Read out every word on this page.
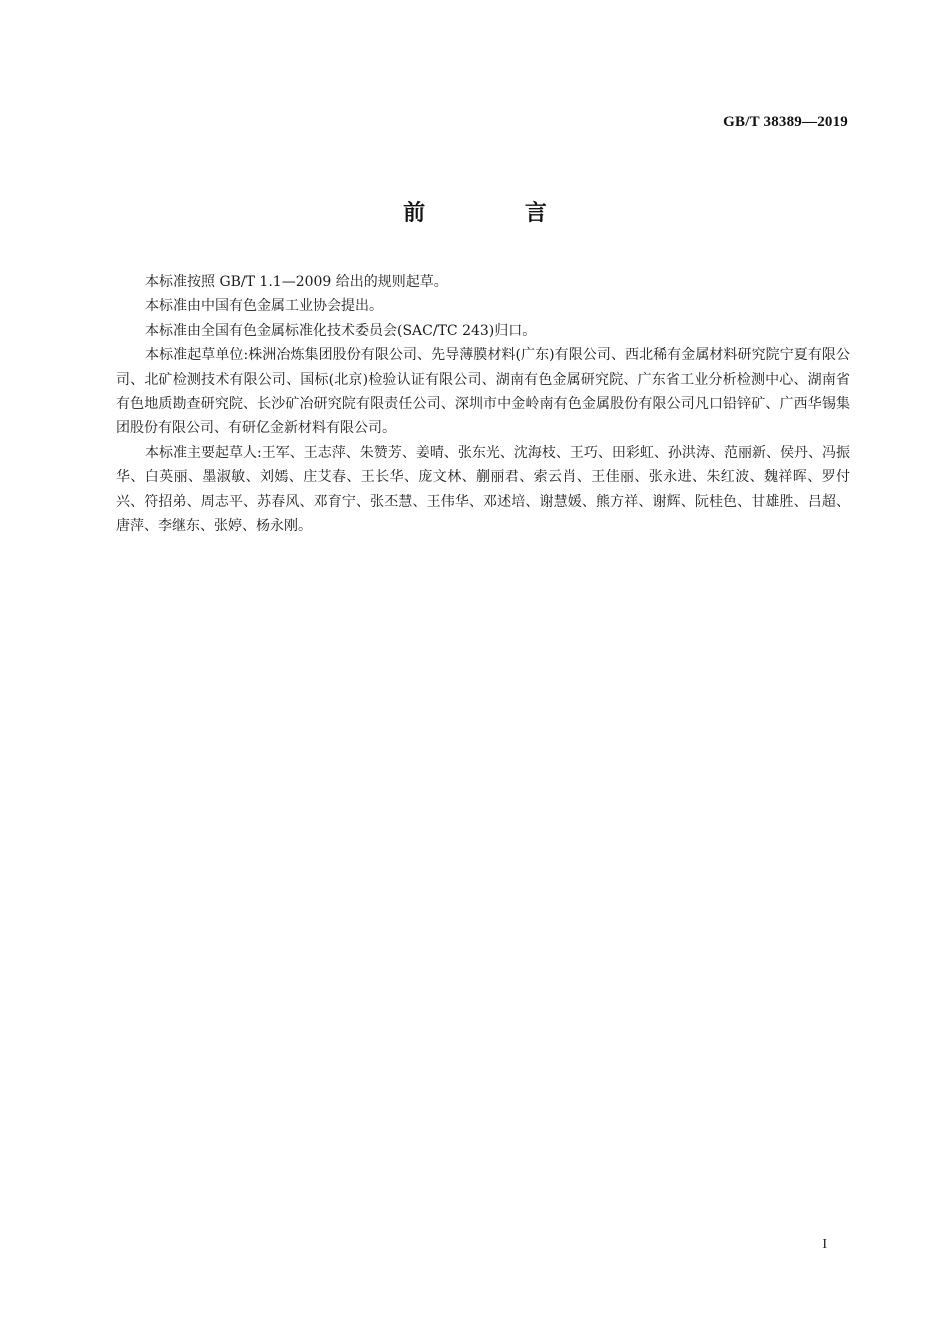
GB/T 38389—2019
前 言

本标准按照 GB/T 1.1—2009 给出的规则起草。

本标准由中国有色金属工业协会提出。

本标准由全国有色金属标准化技术委员会(SAC/TC 243)归口。

本标准起草单位:株洲冶炼集团股份有限公司、先导薄膜材料(广东)有限公司、西北稀有金属材料研究院宁夏有限公司、北矿检测技术有限公司、国标(北京)检验认证有限公司、湖南有色金属研究院、广东省工业分析检测中心、湖南省有色地质勘查研究院、长沙矿冶研究院有限责任公司、深圳市中金岭南有色金属股份有限公司凡口铅锌矿、广西华锡集团股份有限公司、有研亿金新材料有限公司。

本标准主要起草人:王军、王志萍、朱赞芳、姜晴、张东光、沈海枝、王巧、田彩虹、孙洪涛、范丽新、侯丹、冯振华、白英丽、墨淑敏、刘嫣、庄艾春、王长华、庞文林、蒯丽君、索云肖、王佳丽、张永进、朱红波、魏祥晖、罗付兴、符招弟、周志平、苏春风、邓育宁、张丕慧、王伟华、邓述培、谢慧媛、熊方祥、谢辉、阮桂色、甘雄胜、吕超、唐萍、李继东、张婷、杨永刚。

I
